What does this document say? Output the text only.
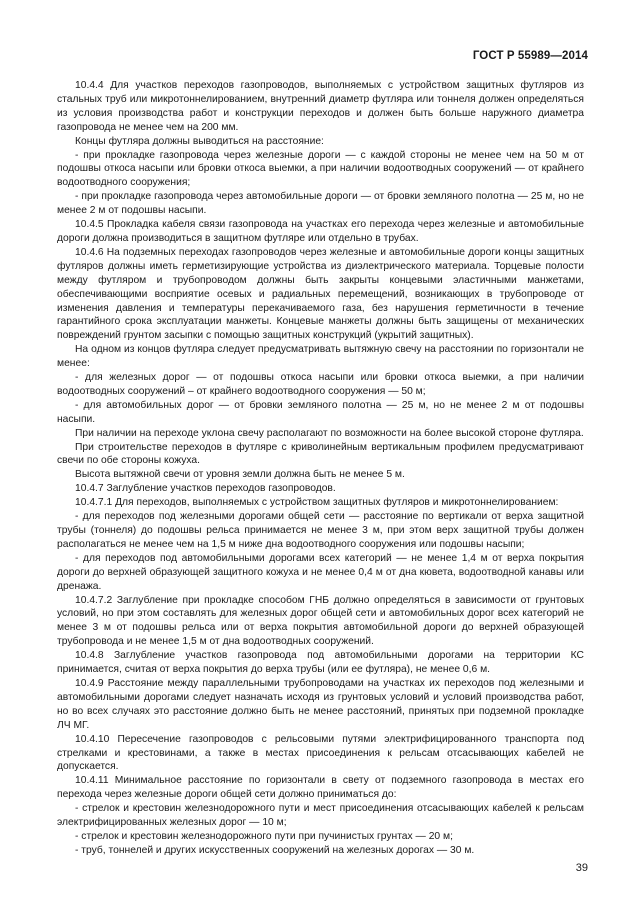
ГОСТ Р 55989—2014

10.4.4 Для участков переходов газопроводов, выполняемых с устройством защитных футляров из стальных труб или микротоннелированием, внутренний диаметр футляра или тоннеля должен определяться из условия производства работ и конструкции переходов и должен быть больше наружного диаметра газопровода не менее чем на 200 мм.

Концы футляра должны выводиться на расстояние:

- при прокладке газопровода через железные дороги — с каждой стороны не менее чем на 50 м от подошвы откоса насыпи или бровки откоса выемки, а при наличии водоотводных сооружений — от крайнего водоотводного сооружения;

- при прокладке газопровода через автомобильные дороги — от бровки земляного полотна — 25 м, но не менее 2 м от подошвы насыпи.

10.4.5 Прокладка кабеля связи газопровода на участках его перехода через железные и автомобильные дороги должна производиться в защитном футляре или отдельно в трубах.

10.4.6 На подземных переходах газопроводов через железные и автомобильные дороги концы защитных футляров должны иметь герметизирующие устройства из диэлектрического материала. Торцевые полости между футляром и трубопроводом должны быть закрыты концевыми эластичными манжетами, обеспечивающими восприятие осевых и радиальных перемещений, возникающих в трубопроводе от изменения давления и температуры перекачиваемого газа, без нарушения герметичности в течение гарантийного срока эксплуатации манжеты. Концевые манжеты должны быть защищены от механических повреждений грунтом засыпки с помощью защитных конструкций (укрытий защитных).

На одном из концов футляра следует предусматривать вытяжную свечу на расстоянии по горизонтали не менее:

- для железных дорог — от подошвы откоса насыпи или бровки откоса выемки, а при наличии водоотводных сооружений – от крайнего водоотводного сооружения — 50 м;

- для автомобильных дорог — от бровки земляного полотна — 25 м, но не менее 2 м от подошвы насыпи.

При наличии на переходе уклона свечу располагают по возможности на более высокой стороне футляра.

При строительстве переходов в футляре с криволинейным вертикальным профилем предусматривают свечи по обе стороны кожуха.

Высота вытяжной свечи от уровня земли должна быть не менее 5 м.

10.4.7 Заглубление участков переходов газопроводов.

10.4.7.1 Для переходов, выполняемых с устройством защитных футляров и микротоннелированием:

- для переходов под железными дорогами общей сети — расстояние по вертикали от верха защитной трубы (тоннеля) до подошвы рельса принимается не менее 3 м, при этом верх защитной трубы должен располагаться не менее чем на 1,5 м ниже дна водоотводного сооружения или подошвы насыпи;

- для переходов под автомобильными дорогами всех категорий — не менее 1,4 м от верха покрытия дороги до верхней образующей защитного кожуха и не менее 0,4 м от дна кювета, водоотводной канавы или дренажа.

10.4.7.2 Заглубление при прокладке способом ГНБ должно определяться в зависимости от грунтовых условий, но при этом составлять для железных дорог общей сети и автомобильных дорог всех категорий не менее 3 м от подошвы рельса или от верха покрытия автомобильной дороги до верхней образующей трубопровода и не менее 1,5 м от дна водоотводных сооружений.

10.4.8 Заглубление участков газопровода под автомобильными дорогами на территории КС принимается, считая от верха покрытия до верха трубы (или ее футляра), не менее 0,6 м.

10.4.9 Расстояние между параллельными трубопроводами на участках их переходов под железными и автомобильными дорогами следует назначать исходя из грунтовых условий и условий производства работ, но во всех случаях это расстояние должно быть не менее расстояний, принятых при подземной прокладке ЛЧ МГ.

10.4.10 Пересечение газопроводов с рельсовыми путями электрифицированного транспорта под стрелками и крестовинами, а также в местах присоединения к рельсам отсасывающих кабелей не допускается.

10.4.11 Минимальное расстояние по горизонтали в свету от подземного газопровода в местах его перехода через железные дороги общей сети должно приниматься до:

- стрелок и крестовин железнодорожного пути и мест присоединения отсасывающих кабелей к рельсам электрифицированных железных дорог — 10 м;

- стрелок и крестовин железнодорожного пути при пучинистых грунтах — 20 м;

- труб, тоннелей и других искусственных сооружений на железных дорогах — 30 м.

39
